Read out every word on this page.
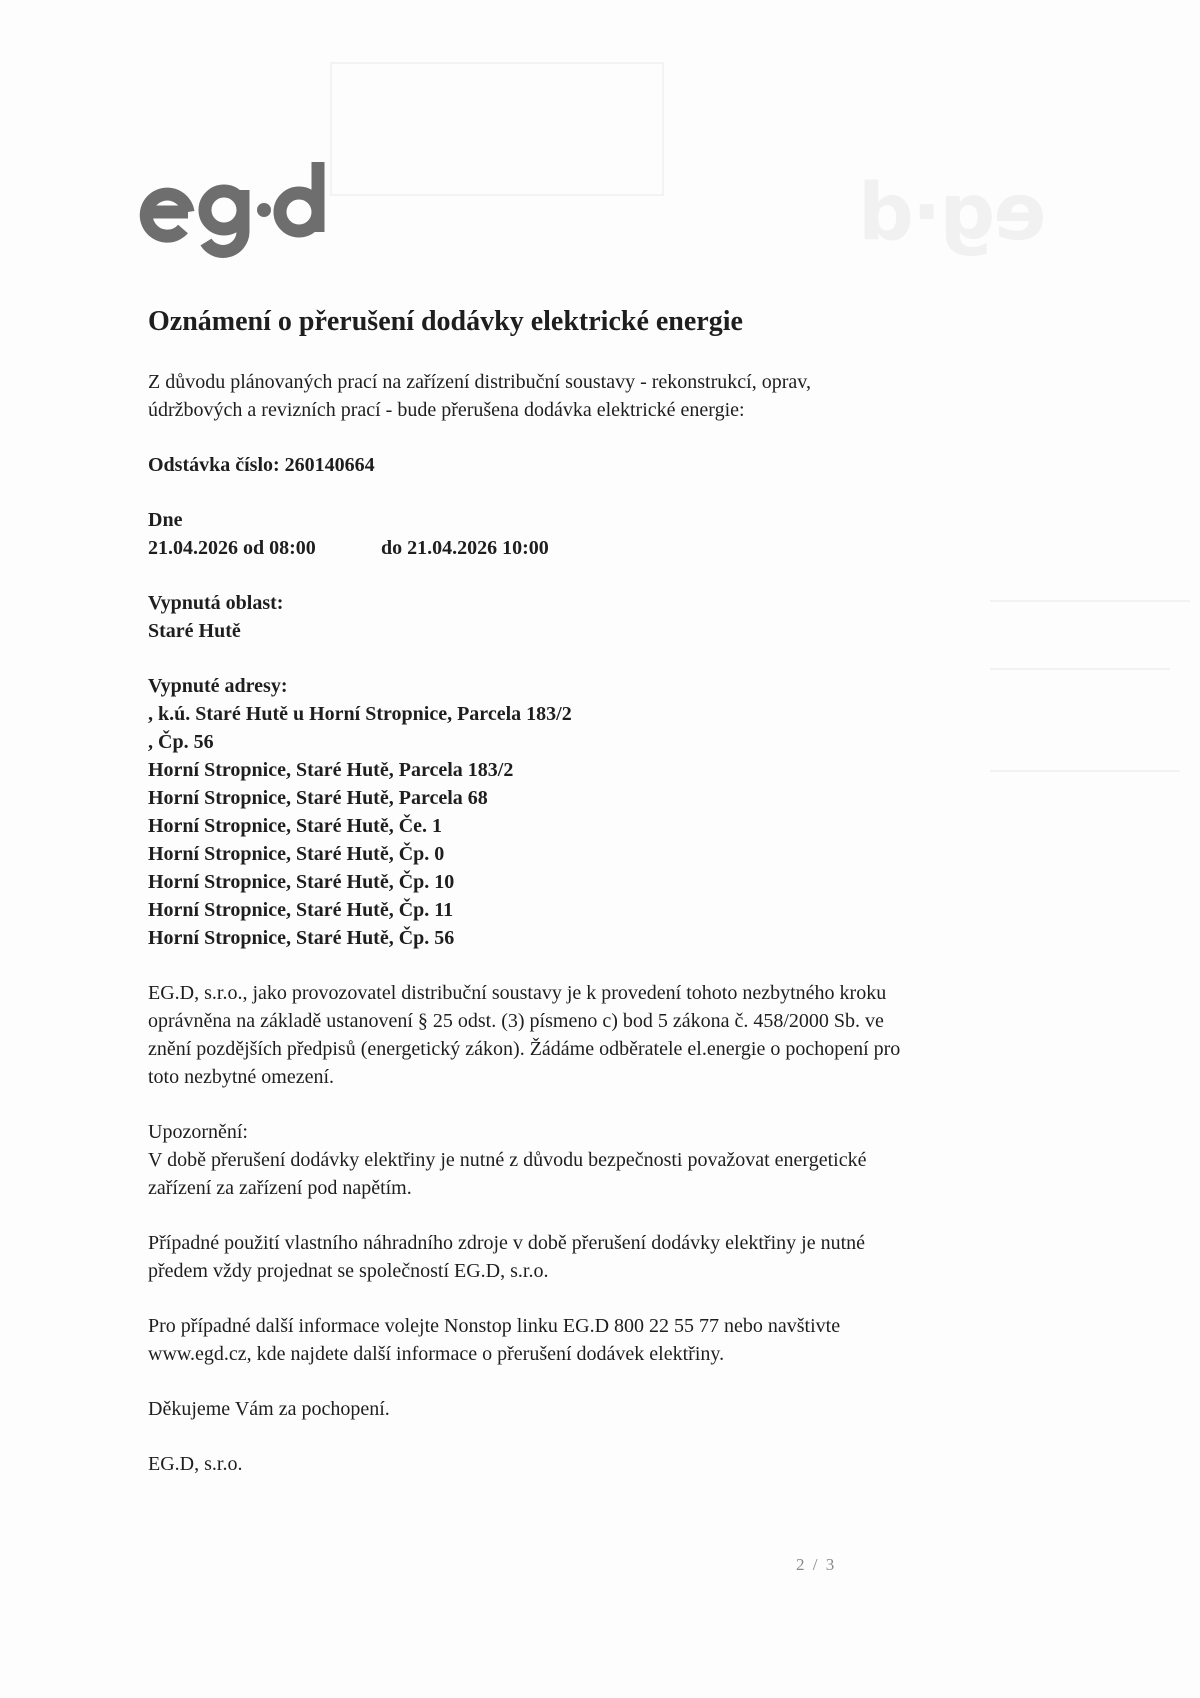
eg·d
Oznámení o přerušení dodávky elektrické energie

Z důvodu plánovaných prací na zařízení distribuční soustavy - rekonstrukcí, oprav,

údržbových a revizních prací - bude přerušena dodávka elektrické energie:

Odstávka číslo: 260140664

Dne

21.04.2026 od 08:00	do 21.04.2026 10:00

Vypnutá oblast:

Staré Hutě

Vypnuté adresy:

, k.ú. Staré Hutě u Horní Stropnice, Parcela 183/2
, Čp. 56
Horní Stropnice, Staré Hutě, Parcela 183/2
Horní Stropnice, Staré Hutě, Parcela 68
Horní Stropnice, Staré Hutě, Če. 1
Horní Stropnice, Staré Hutě, Čp. 0
Horní Stropnice, Staré Hutě, Čp. 10
Horní Stropnice, Staré Hutě, Čp. 11
Horní Stropnice, Staré Hutě, Čp. 56

EG.D, s.r.o., jako provozovatel distribuční soustavy je k provedení tohoto nezbytného kroku

oprávněna na základě ustanovení § 25 odst. (3) písmeno c) bod 5 zákona č. 458/2000 Sb. ve

znění pozdějších předpisů (energetický zákon). Žádáme odběratele el.energie o pochopení pro

toto nezbytné omezení.

Upozornění:

V době přerušení dodávky elektřiny je nutné z důvodu bezpečnosti považovat energetické

zařízení za zařízení pod napětím.

Případné použití vlastního náhradního zdroje v době přerušení dodávky elektřiny je nutné

předem vždy projednat se společností EG.D, s.r.o.

Pro případné další informace volejte Nonstop linku EG.D 800 22 55 77 nebo navštivte

www.egd.cz, kde najdete další informace o přerušení dodávek elektřiny.

Děkujeme Vám za pochopení.

EG.D, s.r.o.

2 / 3
